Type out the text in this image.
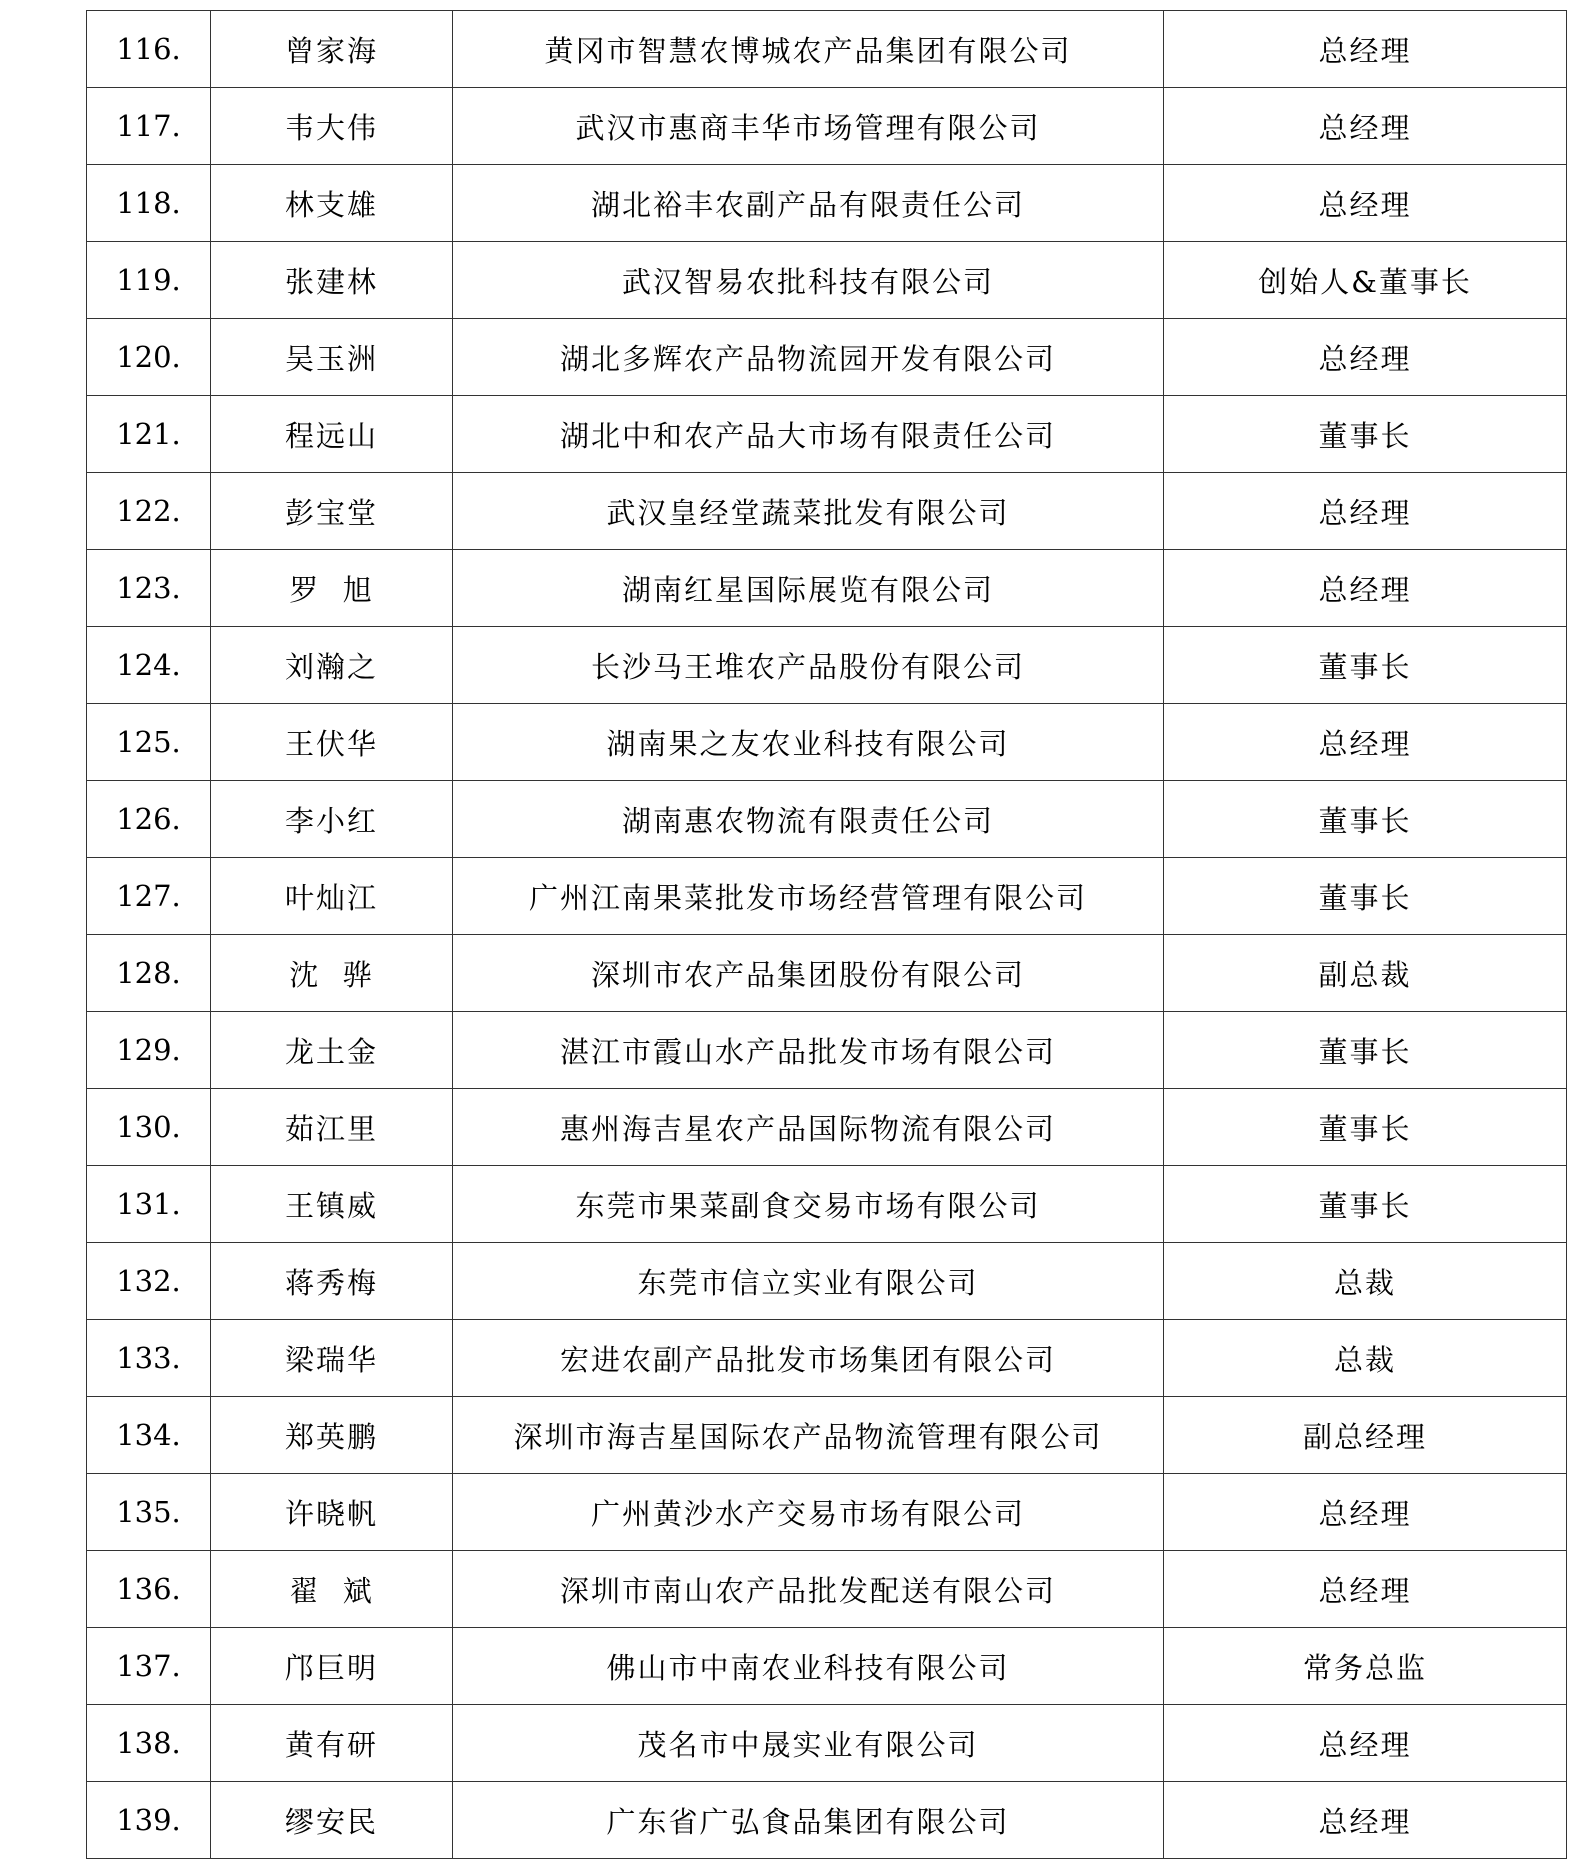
116.	曾家海	黄冈市智慧农博城农产品集团有限公司	总经理
117.	韦大伟	武汉市惠商丰华市场管理有限公司	总经理
118.	林支雄	湖北裕丰农副产品有限责任公司	总经理
119.	张建林	武汉智易农批科技有限公司	创始人&董事长
120.	吴玉洲	湖北多辉农产品物流园开发有限公司	总经理
121.	程远山	湖北中和农产品大市场有限责任公司	董事长
122.	彭宝堂	武汉皇经堂蔬菜批发有限公司	总经理
123.	罗  旭	湖南红星国际展览有限公司	总经理
124.	刘瀚之	长沙马王堆农产品股份有限公司	董事长
125.	王伏华	湖南果之友农业科技有限公司	总经理
126.	李小红	湖南惠农物流有限责任公司	董事长
127.	叶灿江	广州江南果菜批发市场经营管理有限公司	董事长
128.	沈  骅	深圳市农产品集团股份有限公司	副总裁
129.	龙土金	湛江市霞山水产品批发市场有限公司	董事长
130.	茹江里	惠州海吉星农产品国际物流有限公司	董事长
131.	王镇威	东莞市果菜副食交易市场有限公司	董事长
132.	蒋秀梅	东莞市信立实业有限公司	总裁
133.	梁瑞华	宏进农副产品批发市场集团有限公司	总裁
134.	郑英鹏	深圳市海吉星国际农产品物流管理有限公司	副总经理
135.	许晓帆	广州黄沙水产交易市场有限公司	总经理
136.	翟  斌	深圳市南山农产品批发配送有限公司	总经理
137.	邝巨明	佛山市中南农业科技有限公司	常务总监
138.	黄有研	茂名市中晟实业有限公司	总经理
139.	缪安民	广东省广弘食品集团有限公司	总经理
